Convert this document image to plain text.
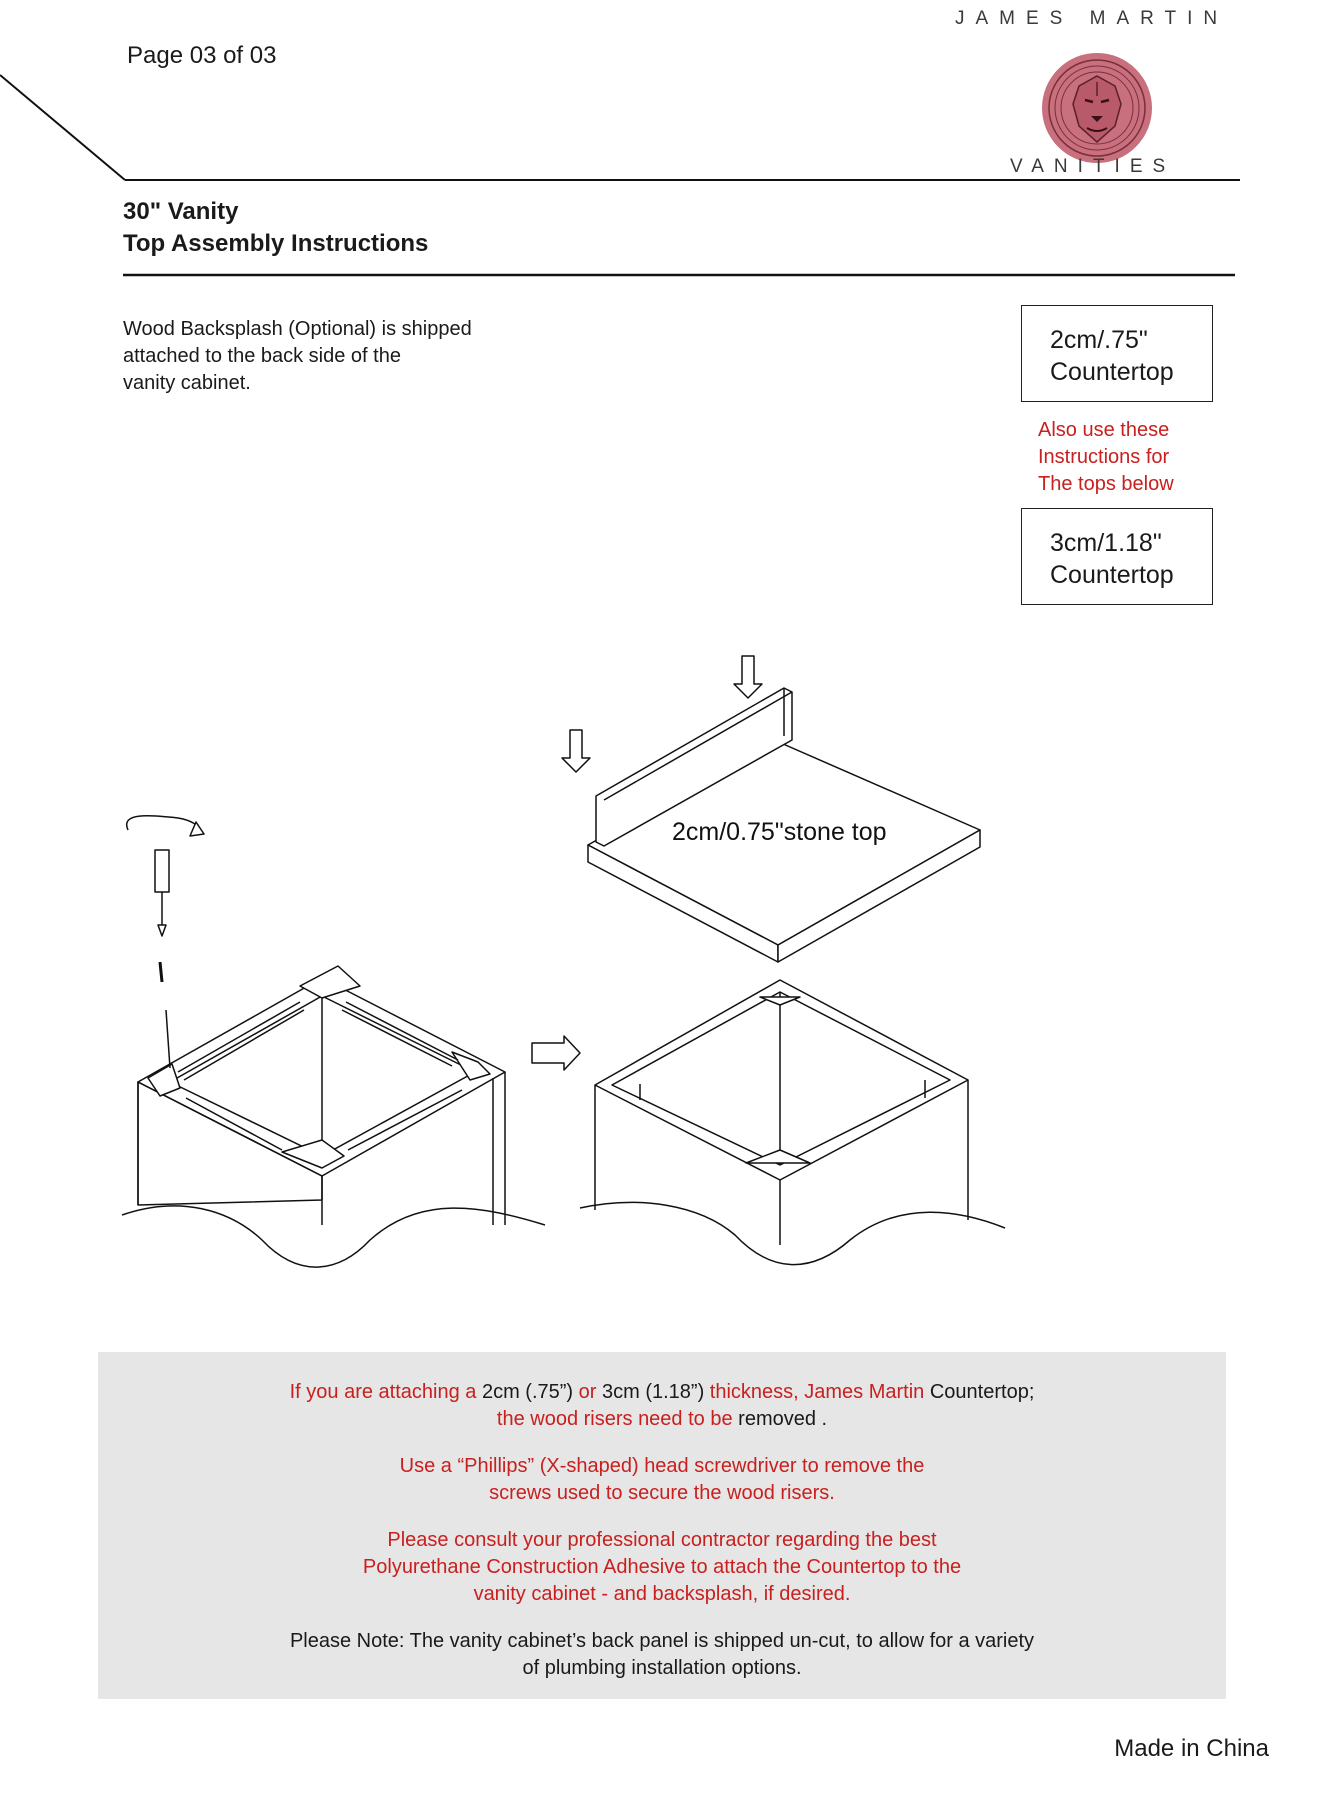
Page 03 of 03
JAMES MARTIN
VANITIES
30" Vanity
Top Assembly Instructions
Wood Backsplash (Optional) is shipped
attached to the back side of the
vanity cabinet.
2cm/.75"
Countertop
Also use these
Instructions for
The tops below
3cm/1.18"
Countertop
2cm/0.75"stone top

If you are attaching a 2cm (.75”) or 3cm (1.18”) thickness, James Martin Countertop;
the wood risers need to be removed .

Use a “Phillips” (X-shaped) head screwdriver to remove the
screws used to secure the wood risers.

Please consult your professional contractor regarding the best
Polyurethane Construction Adhesive to attach the Countertop to the
vanity cabinet - and backsplash, if desired.

Please Note: The vanity cabinet’s back panel is shipped un-cut, to allow for a variety
of plumbing installation options.

Made in China
